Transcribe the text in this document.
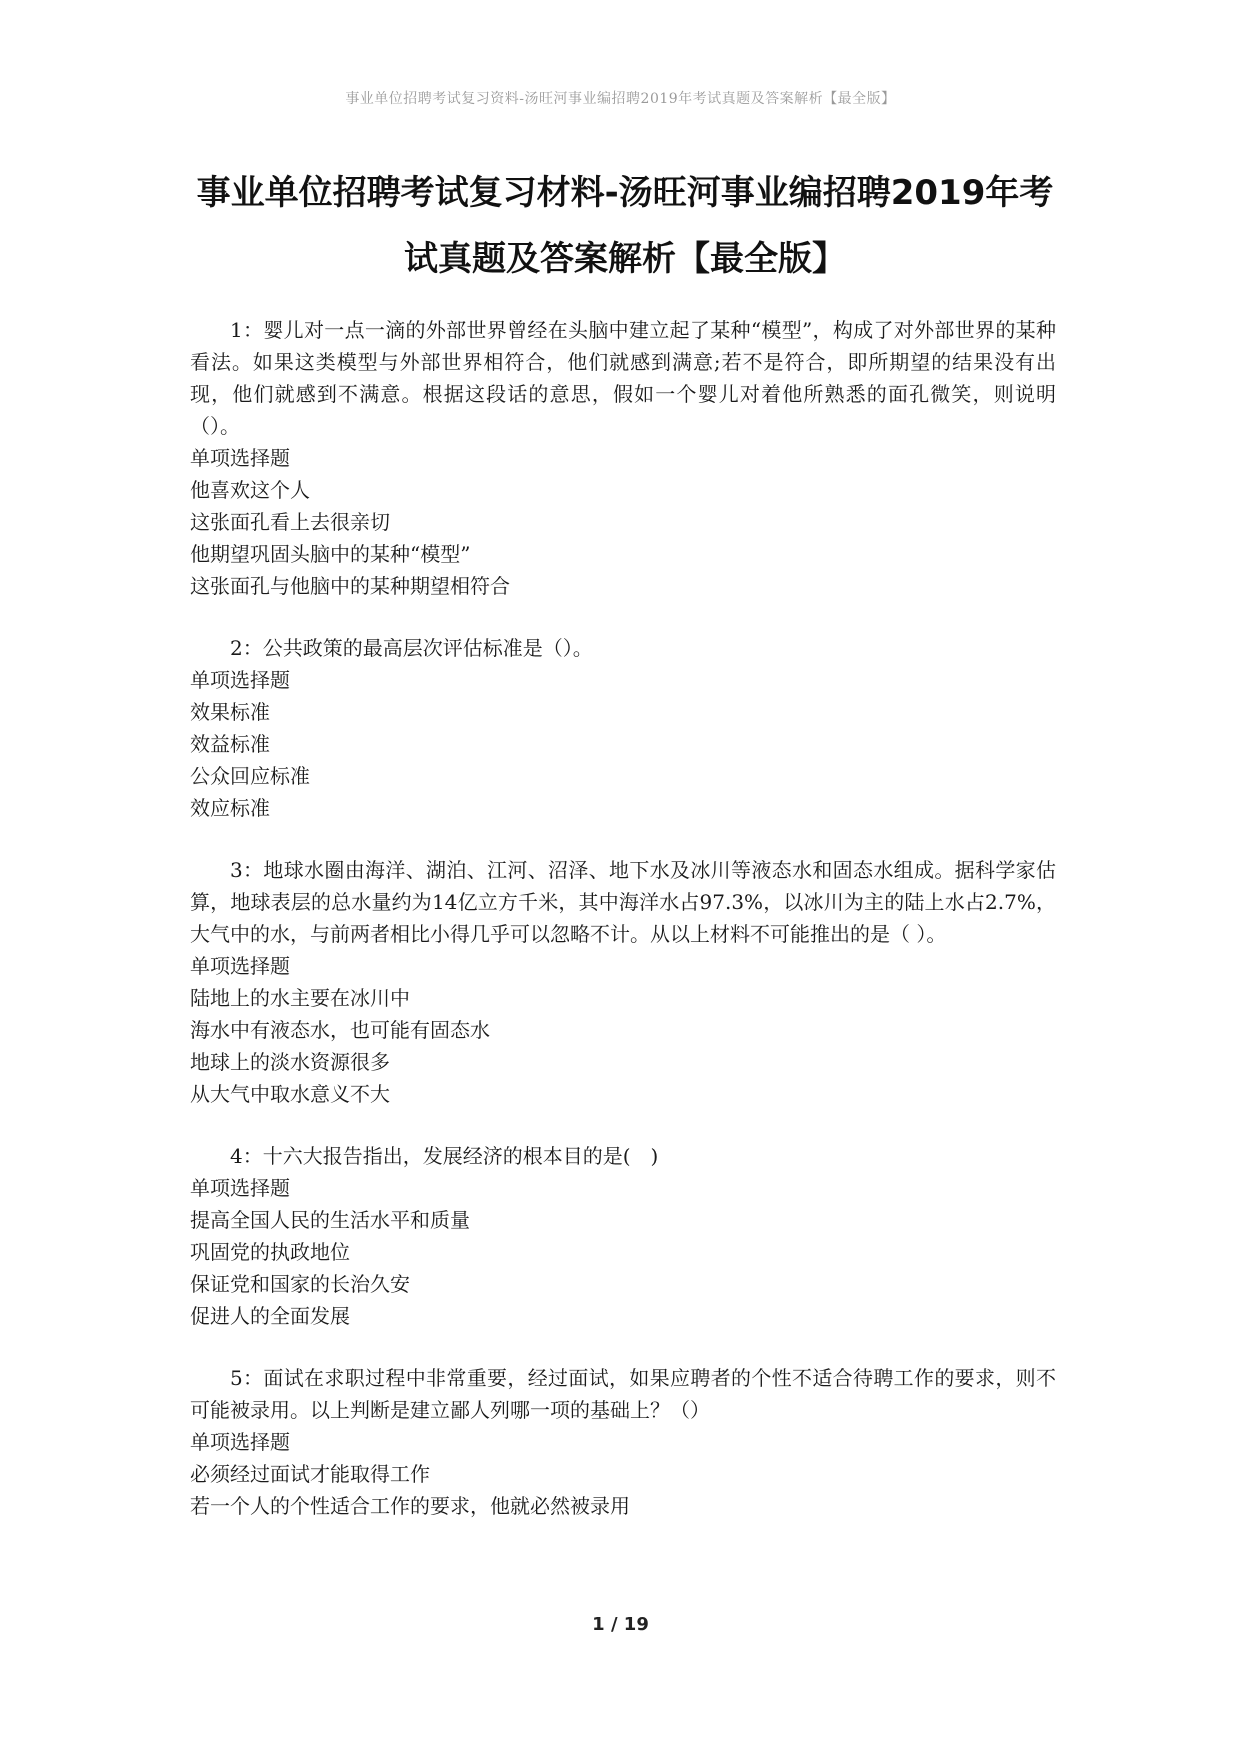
事业单位招聘考试复习资料-汤旺河事业编招聘2019年考试真题及答案解析【最全版】
事业单位招聘考试复习材料-汤旺河事业编招聘2019年考
试真题及答案解析【最全版】

1：婴儿对一点一滴的外部世界曾经在头脑中建立起了某种“模型”，构成了对外部世界的某种看法。如果这类模型与外部世界相符合，他们就感到满意;若不是符合，即所期望的结果没有出现，他们就感到不满意。根据这段话的意思，假如一个婴儿对着他所熟悉的面孔微笑，则说明（）。

单项选择题

他喜欢这个人

这张面孔看上去很亲切

他期望巩固头脑中的某种“模型”

这张面孔与他脑中的某种期望相符合

2：公共政策的最高层次评估标准是（）。

单项选择题

效果标准

效益标准

公众回应标准

效应标准

3：地球水圈由海洋、湖泊、江河、沼泽、地下水及冰川等液态水和固态水组成。据科学家估算，地球表层的总水量约为14亿立方千米，其中海洋水占97.3%，以冰川为主的陆上水占2.7%，大气中的水，与前两者相比小得几乎可以忽略不计。从以上材料不可能推出的是（ ）。

单项选择题

陆地上的水主要在冰川中

海水中有液态水，也可能有固态水

地球上的淡水资源很多

从大气中取水意义不大

4：十六大报告指出，发展经济的根本目的是(　)

单项选择题

提高全国人民的生活水平和质量

巩固党的执政地位

保证党和国家的长治久安

促进人的全面发展

5：面试在求职过程中非常重要，经过面试，如果应聘者的个性不适合待聘工作的要求，则不可能被录用。以上判断是建立鄙人列哪一项的基础上？（）

单项选择题

必须经过面试才能取得工作

若一个人的个性适合工作的要求，他就必然被录用

1 / 19
